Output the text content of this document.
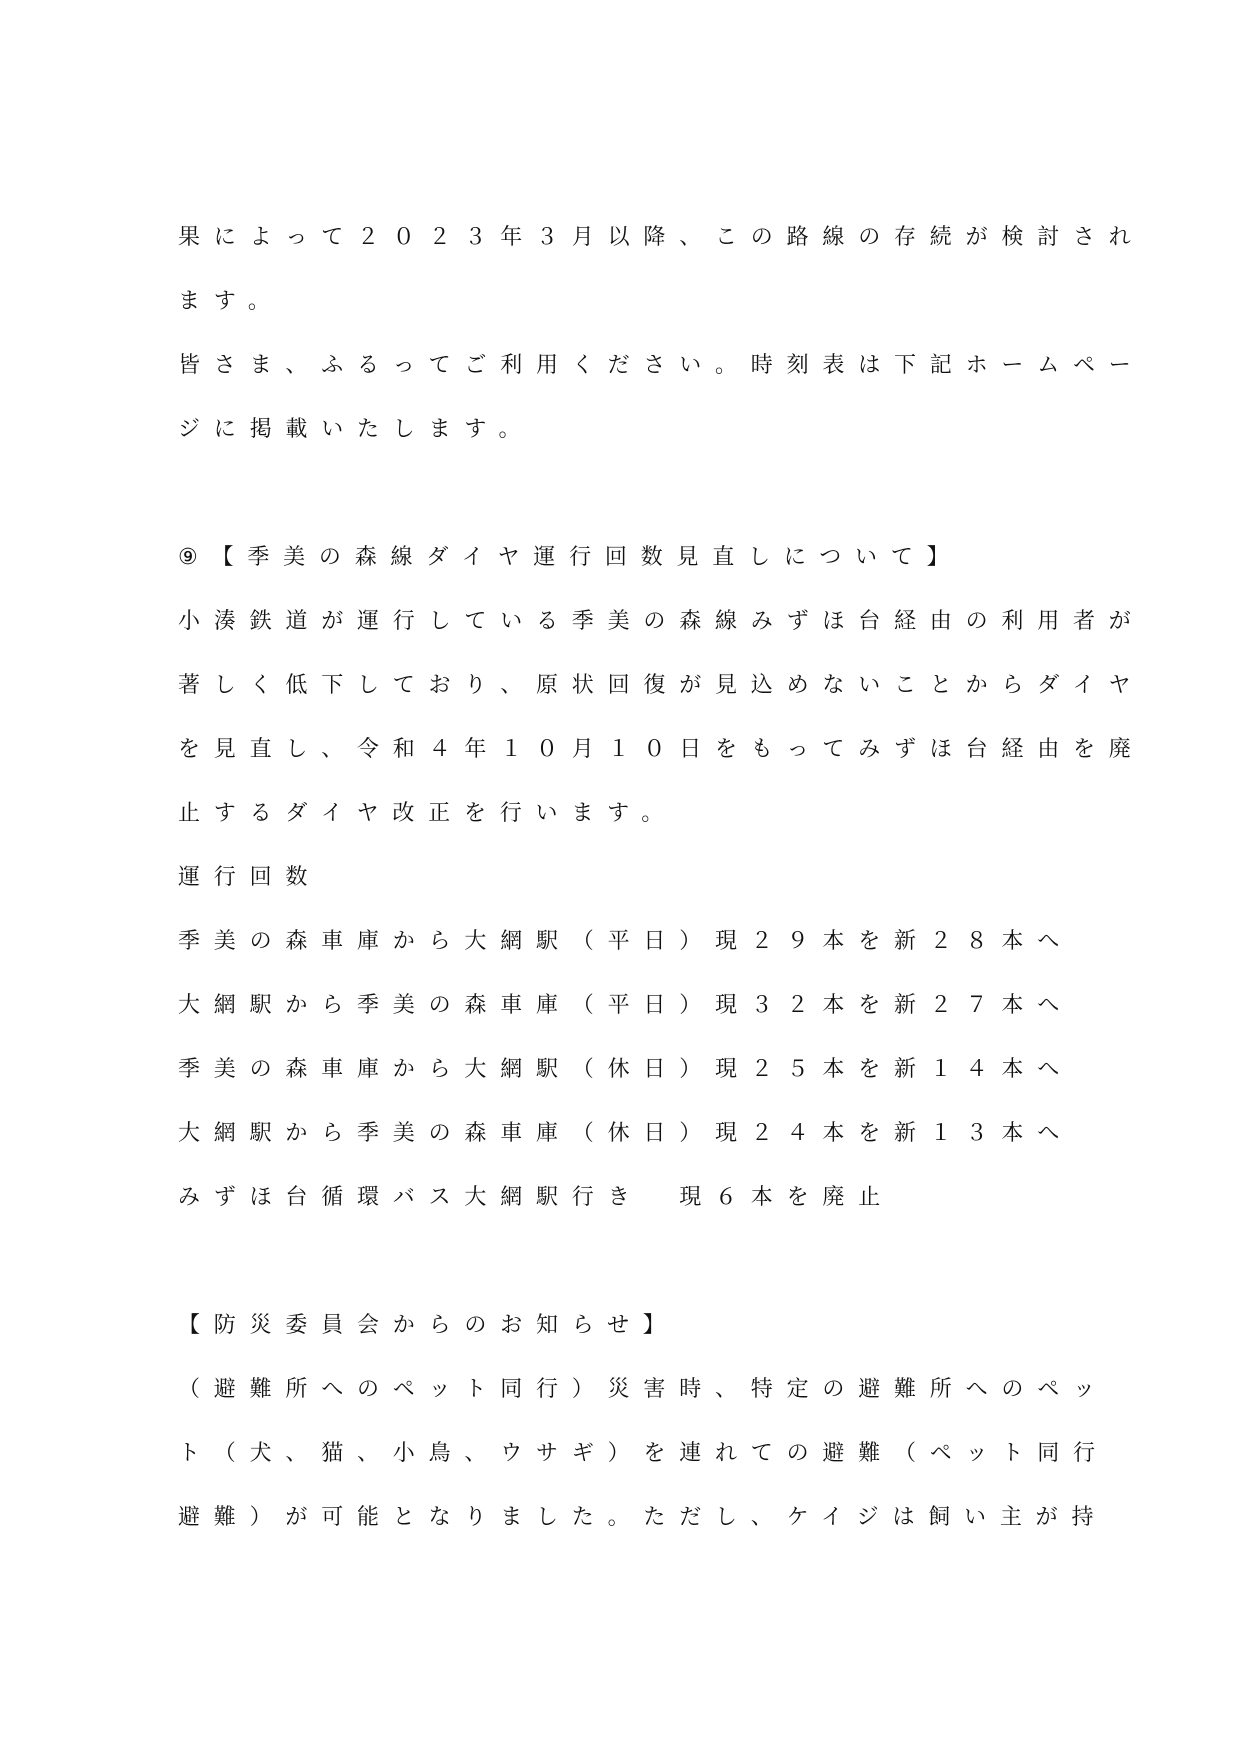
果によって２０２３年３月以降、この路線の存続が検討され
ます。
皆さま、ふるってご利用ください。時刻表は下記ホームペー
ジに掲載いたします。
⑨【季美の森線ダイヤ運行回数見直しについて】
小湊鉄道が運行している季美の森線みずほ台経由の利用者が
著しく低下しており、原状回復が見込めないことからダイヤ
を見直し、令和４年１０月１０日をもってみずほ台経由を廃
止するダイヤ改正を行います。
運行回数
季美の森車庫から大網駅（平日）現２９本を新２８本へ
大網駅から季美の森車庫（平日）現３２本を新２７本へ
季美の森車庫から大網駅（休日）現２５本を新１４本へ
大網駅から季美の森車庫（休日）現２４本を新１３本へ
みずほ台循環バス大網駅行き　現６本を廃止
【防災委員会からのお知らせ】
（避難所へのペット同行）災害時、特定の避難所へのペッ
ト（犬、猫、小鳥、ウサギ）を連れての避難（ペット同行
避難）が可能となりました。ただし、ケイジは飼い主が持
